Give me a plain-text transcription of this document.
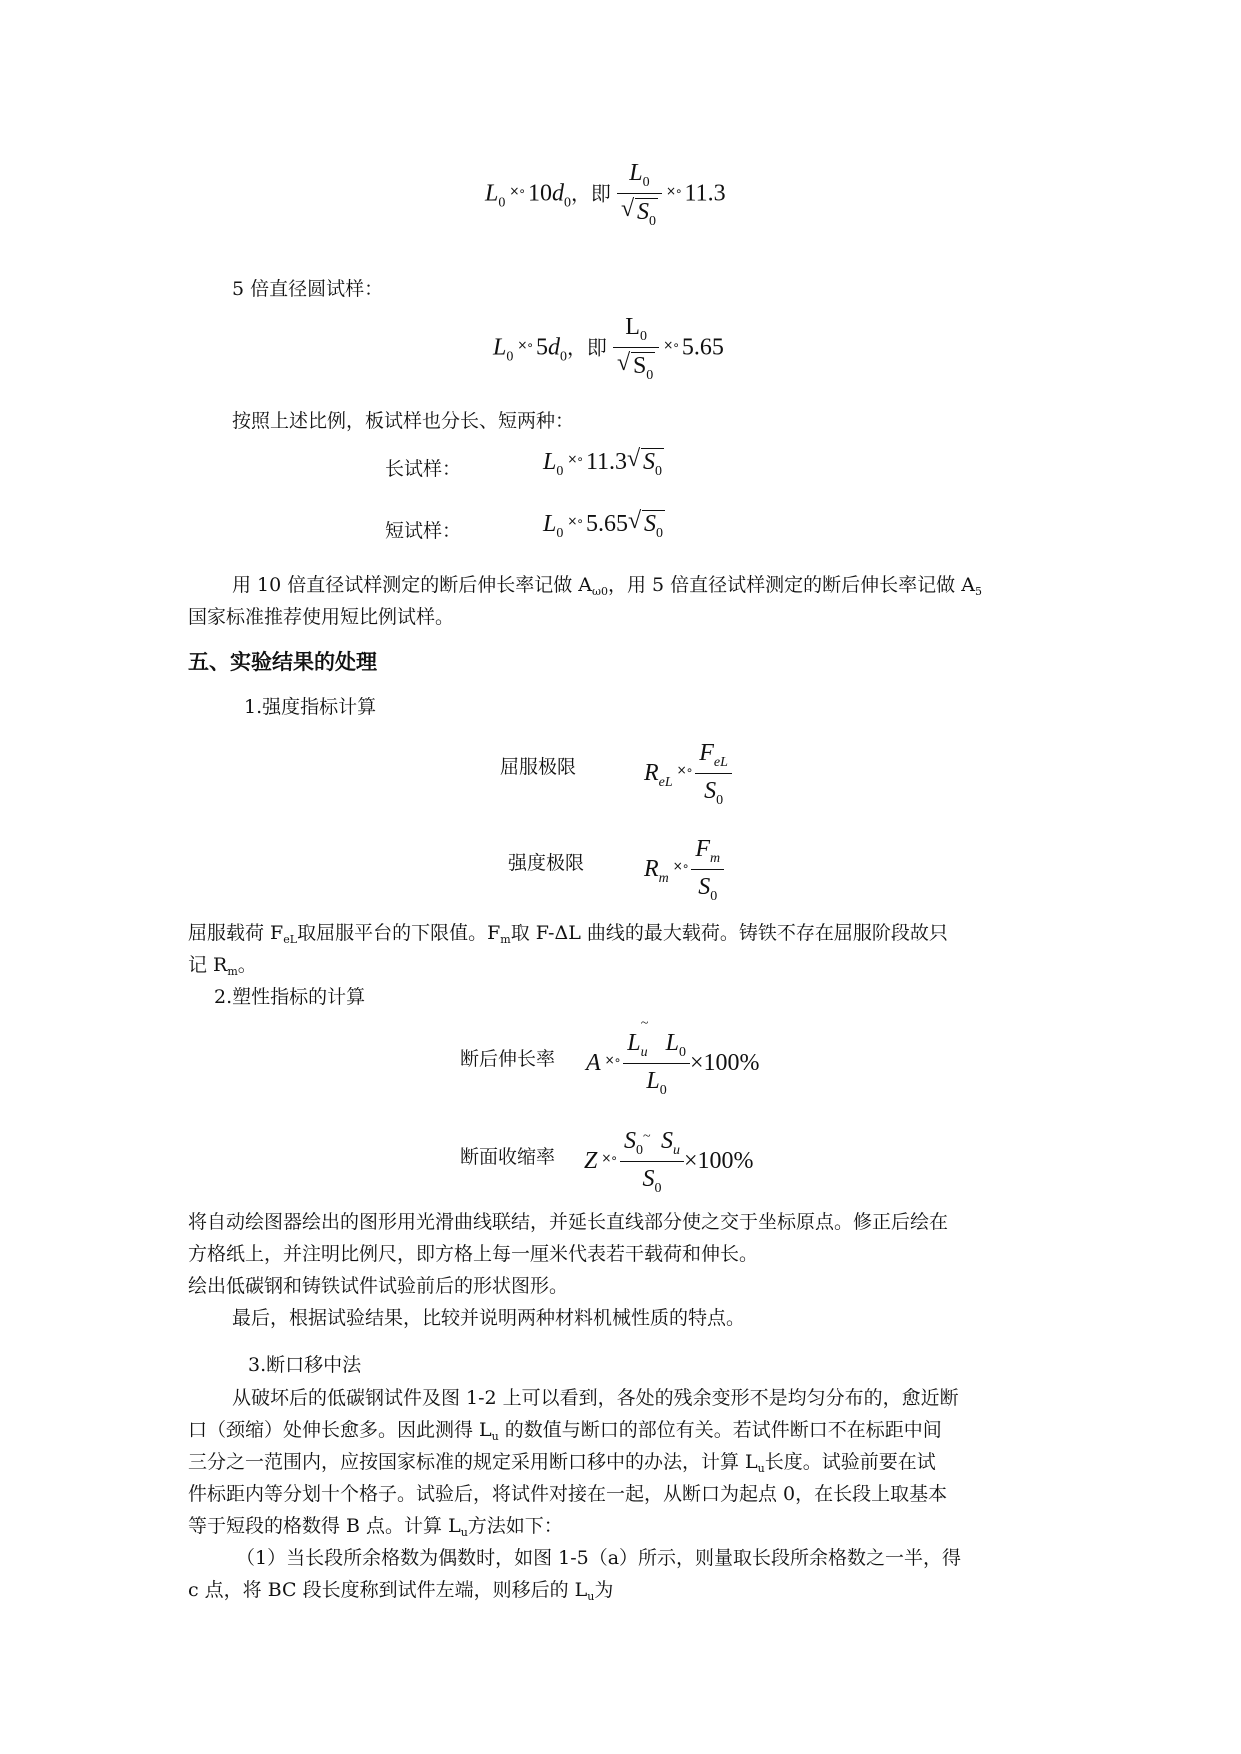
$L_0^{\times\circ}$ $10d_0$，即 $\frac{L_0}{√ S_0} ^{\times\circ}$ 11.3
5 倍直径圆试样：
$L_0^{\times\circ}$ $5d_0$，即 $\frac{L_0}{√ S_0} ^{\times\circ}$ 5.65
按照上述比例，板试样也分长、短两种：
长试样：	$L_0^{\times\circ}$ 11.3 √ $S_0$
短试样：	$L_0^{\times\circ}$ 5.65 √ $S_0$
用 10 倍直径试样测定的断后伸长率记做 $A_{\omega 0}$，用 5 倍直径试样测定的断后伸长率记做 $A_5$
国家标准推荐使用短比例试样。
五、实验结果的处理
1.强度指标计算
屈服极限	$R_{eL}^{\times\circ} \frac{F_{eL}}{S_0}$
强度极限 $R_m^{\times\circ} \frac{F_m}{S_0}$
屈服载荷 $F_{eL}$取屈服平台的下限值。$F_m$取 F-ΔL 曲线的最大载荷。铸铁不存在屈服阶段故只
记 $R_m$。
2.塑性指标的计算
断后伸长率 A $^{\times\circ} \frac{L \sim_u L_0}{L_0} \times 100\%$
断面收缩率 Z $^{\times\circ} \frac{S_0 \sim S_u}{S_0} \times 100\%$
将自动绘图器绘出的图形用光滑曲线联结，并延长直线部分使之交于坐标原点。修正后绘在
方格纸上，并注明比例尺，即方格上每一厘米代表若干载荷和伸长。
绘出低碳钢和铸铁试件试验前后的形状图形。
最后，根据试验结果，比较并说明两种材料机械性质的特点。
3.断口移中法
从破坏后的低碳钢试件及图 1-2 上可以看到，各处的残余变形不是均匀分布的，愈近断
口（颈缩）处伸长愈多。因此测得 $L_u$ 的数值与断口的部位有关。若试件断口不在标距中间
三分之一范围内，应按国家标准的规定采用断口移中的办法，计算 $L_u$长度。试验前要在试
件标距内等分划十个格子。试验后，将试件对接在一起，从断口为起点 0，在长段上取基本
等于短段的格数得 B 点。计算 $L_u$方法如下：
（1）当长段所余格数为偶数时，如图 1-5（a）所示，则量取长段所余格数之一半，得
c 点，将 BC 段长度称到试件左端，则移后的 $L_u$为
